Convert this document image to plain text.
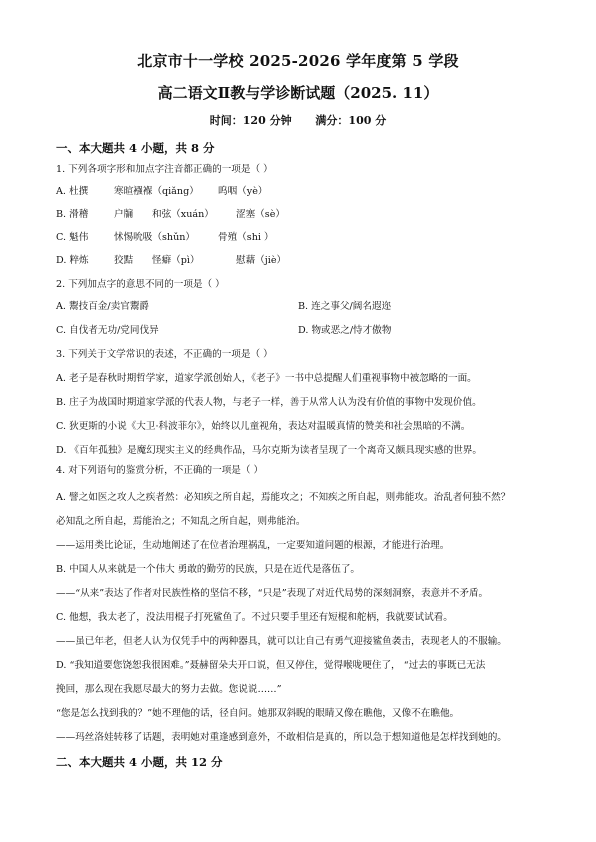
北京市十一学校 2025-2026 学年度第 5 学段
高二语文Ⅱ教与学诊断试题（2025. 11）
时间：120 分钟 满分：100 分
一、本大题共 4 小题，共 8 分
1. 下列各项字形和加点字注音都正确的一项是（ ）
A. 杜撰	寒暄襁褓（qiǎng） 呜咽（yè）
B. 滑稽	户牖 和弦（xuán） 涩塞（sè）
C. 魁伟	怵惕吮吸（shǔn） 骨殖（shi ）
D. 粹炼	狡黠 怪癖（pì）	慰藉（jiè）
2. 下列加点字的意思不同的一项是（ ）
A. 鬻技百金/卖官鬻爵	B. 连之事父/阔名遐迩
C. 自伐者无功/党同伐异	D. 物或恶之/恃才傲物
3. 下列关于文学常识的表述，不正确的一项是（ ）
A. 老子是春秋时期哲学家，道家学派创始人，《老子》一书中总提醒人们重视事物中被忽略的一面。
B. 庄子为战国时期道家学派的代表人物，与老子一样，善于从常人认为没有价值的事物中发现价值。
C. 狄更斯的小说《大卫·科波菲尔》，始终以儿童视角，表达对温暖真情的赞美和社会黑暗的不满。
D. 《百年孤独》是魔幻现实主义的经典作品，马尔克斯为读者呈现了一个离奇又颇具现实感的世界。
4. 对下列语句的鉴赏分析，不正确的一项是（ ）
A. 譬之如医之攻人之疾者然：必知疾之所自起，焉能攻之；不知疾之所自起，则弗能攻。治乱者何独不然？
必知乱之所自起，焉能治之；不知乱之所自起，则弗能治。
——运用类比论证，生动地阐述了在位者治理祸乱，一定要知道问题的根源，才能进行治理。
B. 中国人从来就是一个伟大 勇敢的勤劳的民族，只是在近代是落伍了。
——“从来”表达了作者对民族性格的坚信不移，“只是”表现了对近代局势的深刻洞察，表意并不矛盾。
C. 他想，我太老了，没法用棍子打死鲨鱼了。不过只要手里还有短棍和舵柄，我就要试试看。
——虽已年老，但老人认为仅凭手中的两种器具，就可以让自己有勇气迎接鲨鱼袭击，表现老人的不服输。
D. “我知道要您饶恕我很困难。”聂赫留朵夫开口说，但又停住，觉得喉咙哽住了， “过去的事既已无法
挽回，那么现在我愿尽最大的努力去做。您说说……”
“您是怎么找到我的？”她不理他的话，径自问。她那双斜睨的眼睛又像在瞧他，又像不在瞧他。
——玛丝洛娃转移了话题，表明她对重逢感到意外，不敢相信是真的，所以急于想知道他是怎样找到她的。
二、本大题共 4 小题，共 12 分
